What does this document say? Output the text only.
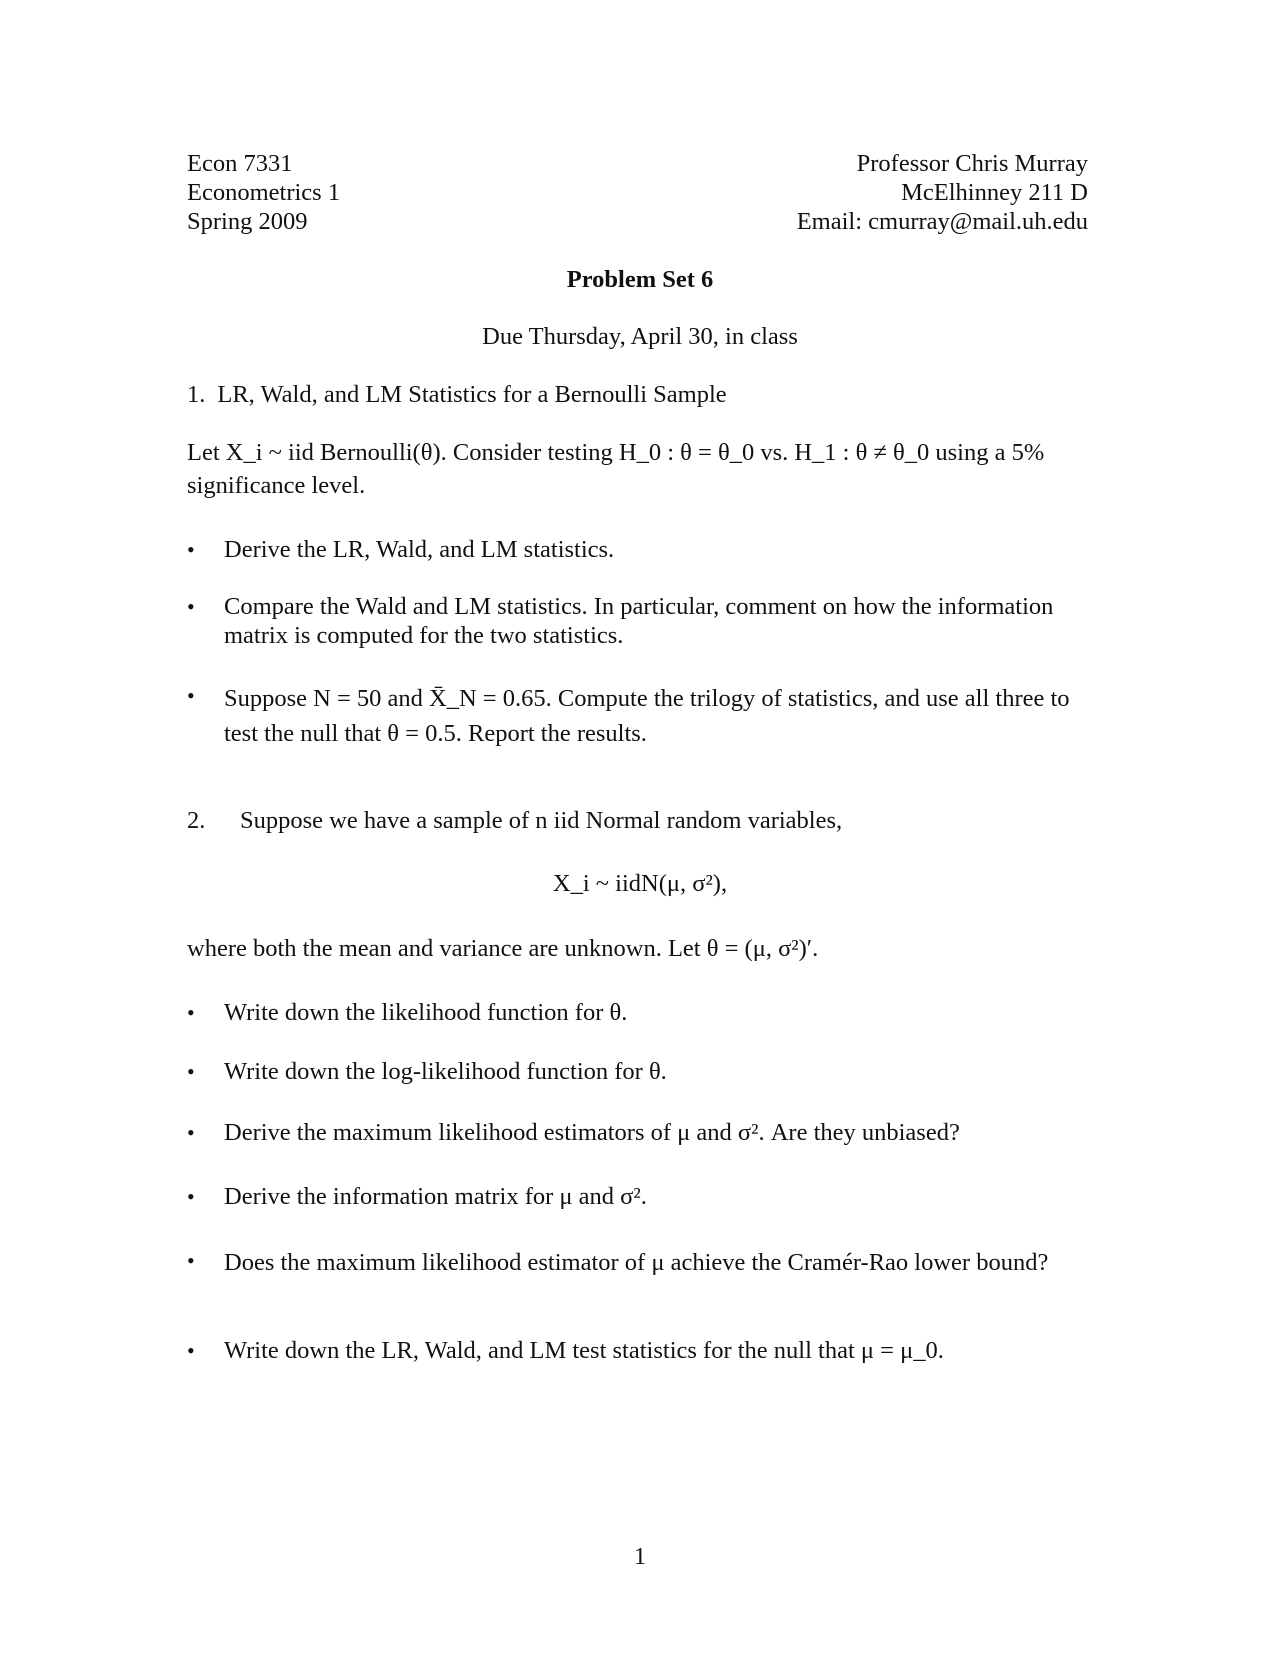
Econ 7331
Econometrics 1
Spring 2009
Professor Chris Murray
McElhinney 211 D
Email: cmurray@mail.uh.edu
Problem Set 6
Due Thursday, April 30, in class
1. LR, Wald, and LM Statistics for a Bernoulli Sample
Let X_i ~ iid Bernoulli(θ). Consider testing H_0 : θ = θ_0 vs. H_1 : θ ≠ θ_0 using a 5%
significance level.
•	Derive the LR, Wald, and LM statistics.
•	Compare the Wald and LM statistics. In particular, comment on how the information matrix is computed for the two statistics.
•	Suppose N = 50 and X̄_N = 0.65. Compute the trilogy of statistics, and use all three to test the null that θ = 0.5. Report the results.
2. Suppose we have a sample of n iid Normal random variables,
X_i ~ iidN(μ, σ²),
where both the mean and variance are unknown. Let θ = (μ, σ²)′.
•	Write down the likelihood function for θ.
•	Write down the log-likelihood function for θ.
•	Derive the maximum likelihood estimators of μ and σ². Are they unbiased?
•	Derive the information matrix for μ and σ².
•	Does the maximum likelihood estimator of μ achieve the Cramér-Rao lower bound?
•	Write down the LR, Wald, and LM test statistics for the null that μ = μ_0.
1
